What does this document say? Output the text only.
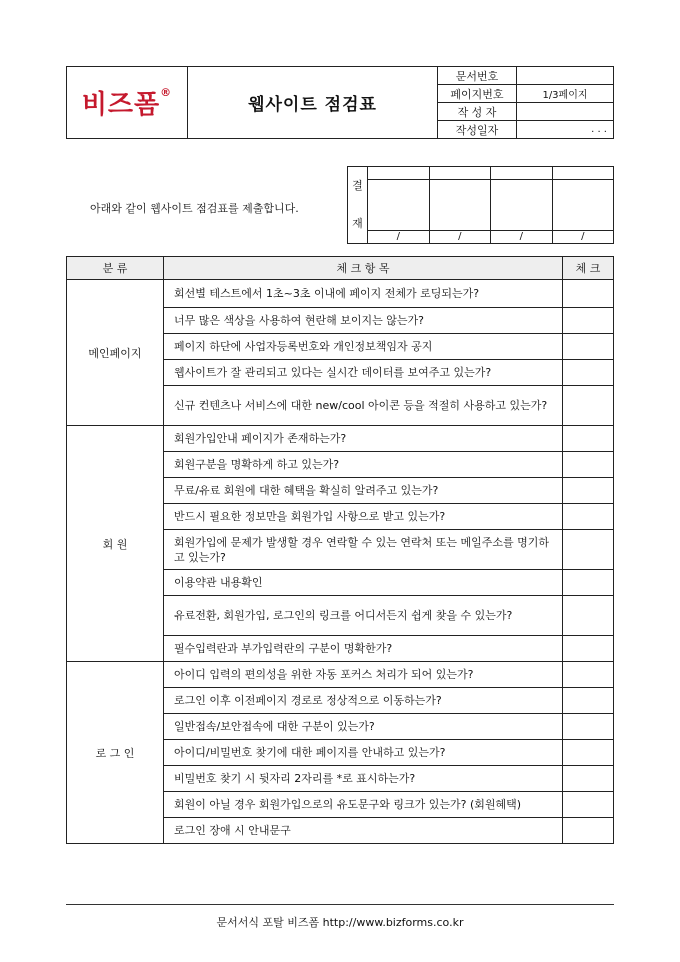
비즈폼®	웹사이트 점검표	문서번호	
		페이지번호	1/3페이지
		작 성 자	
		작성일자	. . .
아래와 같이 웹사이트 점검표를 제출합니다.
결
재				

	/	/	/	/
분 류	체 크 항 목	체 크
메인페이지	회선별 테스트에서 1초~3초 이내에 페이지 전체가 로딩되는가?	
	너무 많은 색상을 사용하여 현란해 보이지는 않는가?	
	페이지 하단에 사업자등록번호와 개인정보책임자 공지	
	웹사이트가 잘 관리되고 있다는 실시간 데이터를 보여주고 있는가?	
	신규 컨텐츠나 서비스에 대한 new/cool 아이콘 등을 적절히 사용하고 있는가?	
회 원	회원가입안내 페이지가 존재하는가?	
	회원구분을 명확하게 하고 있는가?	
	무료/유료 회원에 대한 혜택을 확실히 알려주고 있는가?	
	반드시 필요한 정보만을 회원가입 사항으로 받고 있는가?	
	회원가입에 문제가 발생할 경우 연락할 수 있는 연락처 또는 메일주소를 명기하고 있는가?	
	이용약관 내용확인	
	유료전환, 회원가입, 로그인의 링크를 어디서든지 쉽게 찾을 수 있는가?	
	필수입력란과 부가입력란의 구분이 명확한가?	
로 그 인	아이디 입력의 편의성을 위한 자동 포커스 처리가 되어 있는가?	
	로그인 이후 이전페이지 경로로 정상적으로 이동하는가?	
	일반접속/보안접속에 대한 구분이 있는가?	
	아이디/비밀번호 찾기에 대한 페이지를 안내하고 있는가?	
	비밀번호 찾기 시 뒷자리 2자리를 *로 표시하는가?	
	회원이 아닐 경우 회원가입으로의 유도문구와 링크가 있는가? (회원혜택)	
	로그인 장애 시 안내문구	
문서서식 포탈 비즈폼 http://www.bizforms.co.kr
